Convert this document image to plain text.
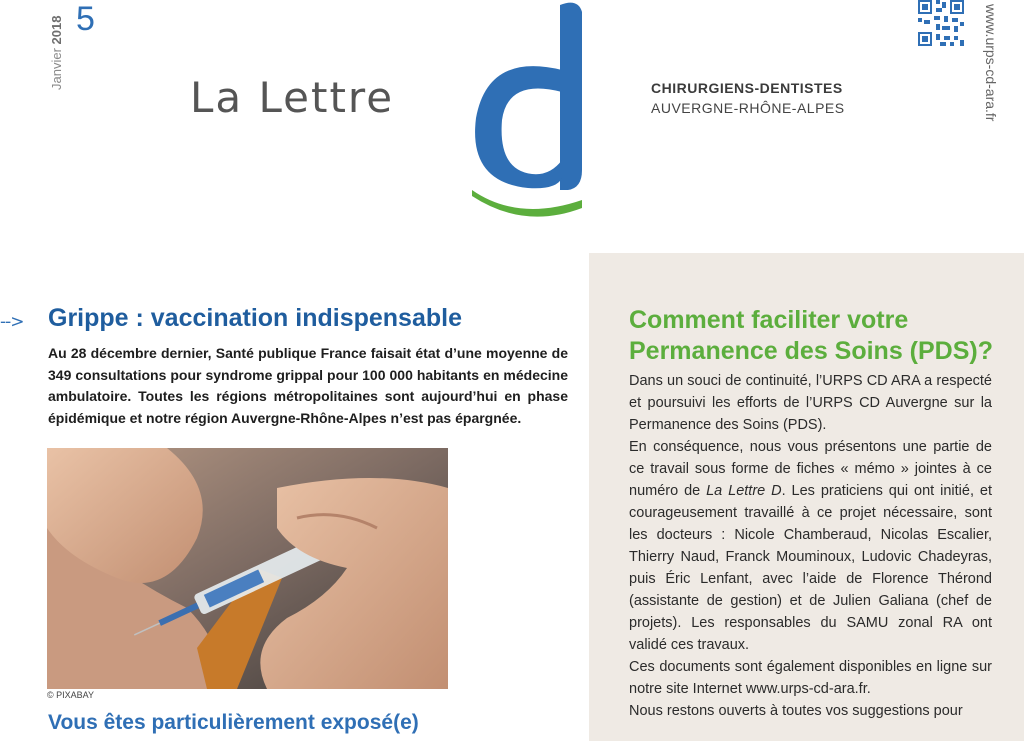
Janvier 2018 5
La Lettre	CHIRURGIENS-DENTISTES
AUVERGNE-RHÔNE-ALPES	www.urps-cd-ara.fr
--> Grippe : vaccination indispensable

Au 28 décembre dernier, Santé publique France faisait état d’une moyenne de 349 consultations pour syndrome grippal pour 100 000 habitants en médecine ambulatoire. Toutes les régions métropolitaines sont aujourd’hui en phase épidémique et notre région Auvergne-Rhône-Alpes n’est pas épargnée.

© PIXABAY
Vous êtes particulièrement exposé(e)
Comment faciliter votre
Permanence des Soins (PDS)?

Dans un souci de continuité, l’URPS CD ARA a respecté et poursuivi les efforts de l’URPS CD Auvergne sur la Permanence des Soins (PDS).

En conséquence, nous vous présentons une partie de ce travail sous forme de fiches « mémo » jointes à ce numéro de La Lettre D. Les praticiens qui ont initié, et courageusement travaillé à ce projet nécessaire, sont les docteurs : Nicole Chamberaud, Nicolas Escalier, Thierry Naud, Franck Mouminoux, Ludovic Chadeyras, puis Éric Lenfant, avec l’aide de Florence Thérond (assistante de gestion) et de Julien Galiana (chef de projets). Les responsables du SAMU zonal RA ont validé ces travaux.

Ces documents sont également disponibles en ligne sur notre site Internet www.urps-cd-ara.fr.

Nous restons ouverts à toutes vos suggestions pour
